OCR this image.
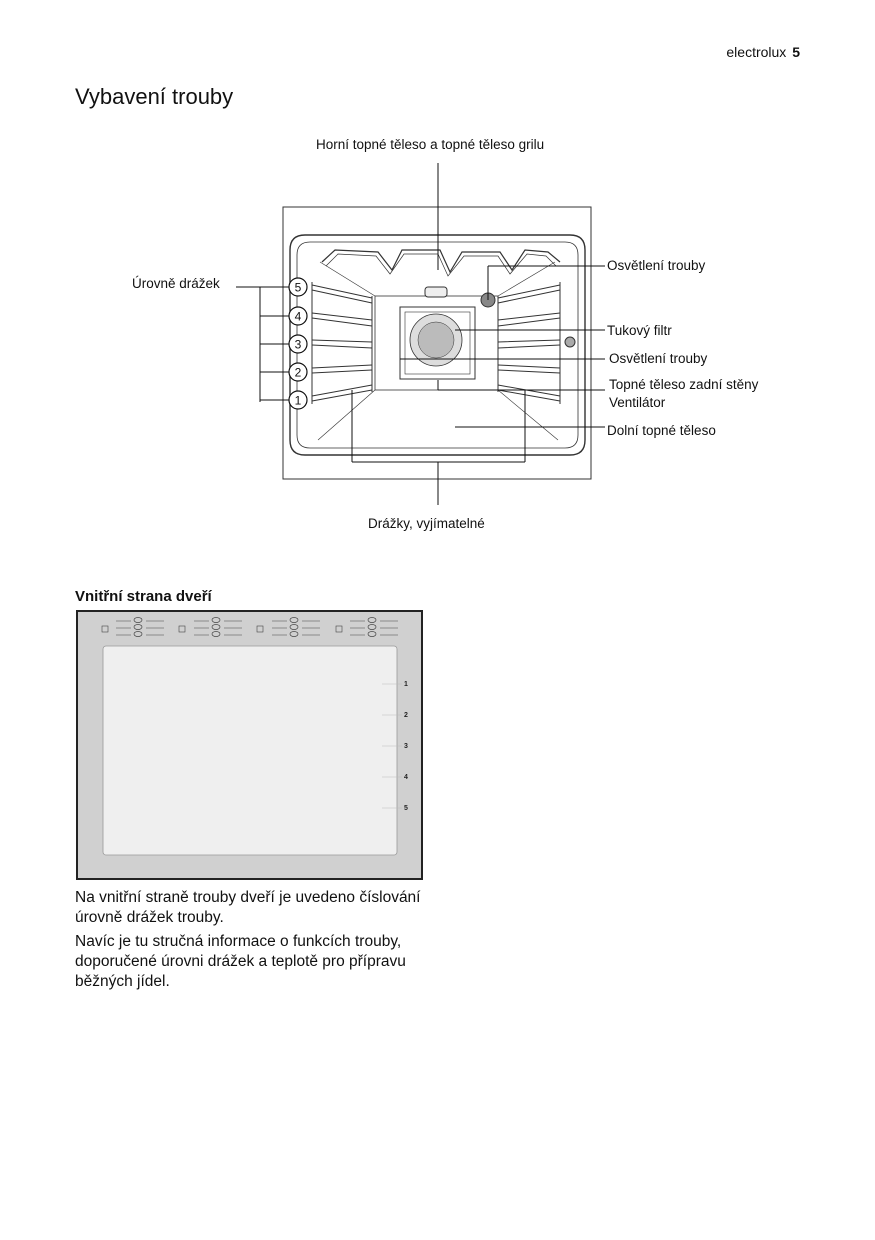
electrolux 5
Vybavení trouby
5
4
3
2
1
Horní topné těleso a topné těleso grilu
Úrovně drážek
Osvětlení trouby
Tukový filtr
Osvětlení trouby
Topné těleso zadní stěny
Ventilátor
Dolní topné těleso
Drážky, vyjímatelné
Vnitřní strana dveří
1
2
3
4
5

Na vnitřní straně trouby dveří je uvedeno číslování úrovně drážek trouby.

Navíc je tu stručná informace o funkcích trouby, doporučené úrovni drážek a teplotě pro přípravu běžných jídel.
